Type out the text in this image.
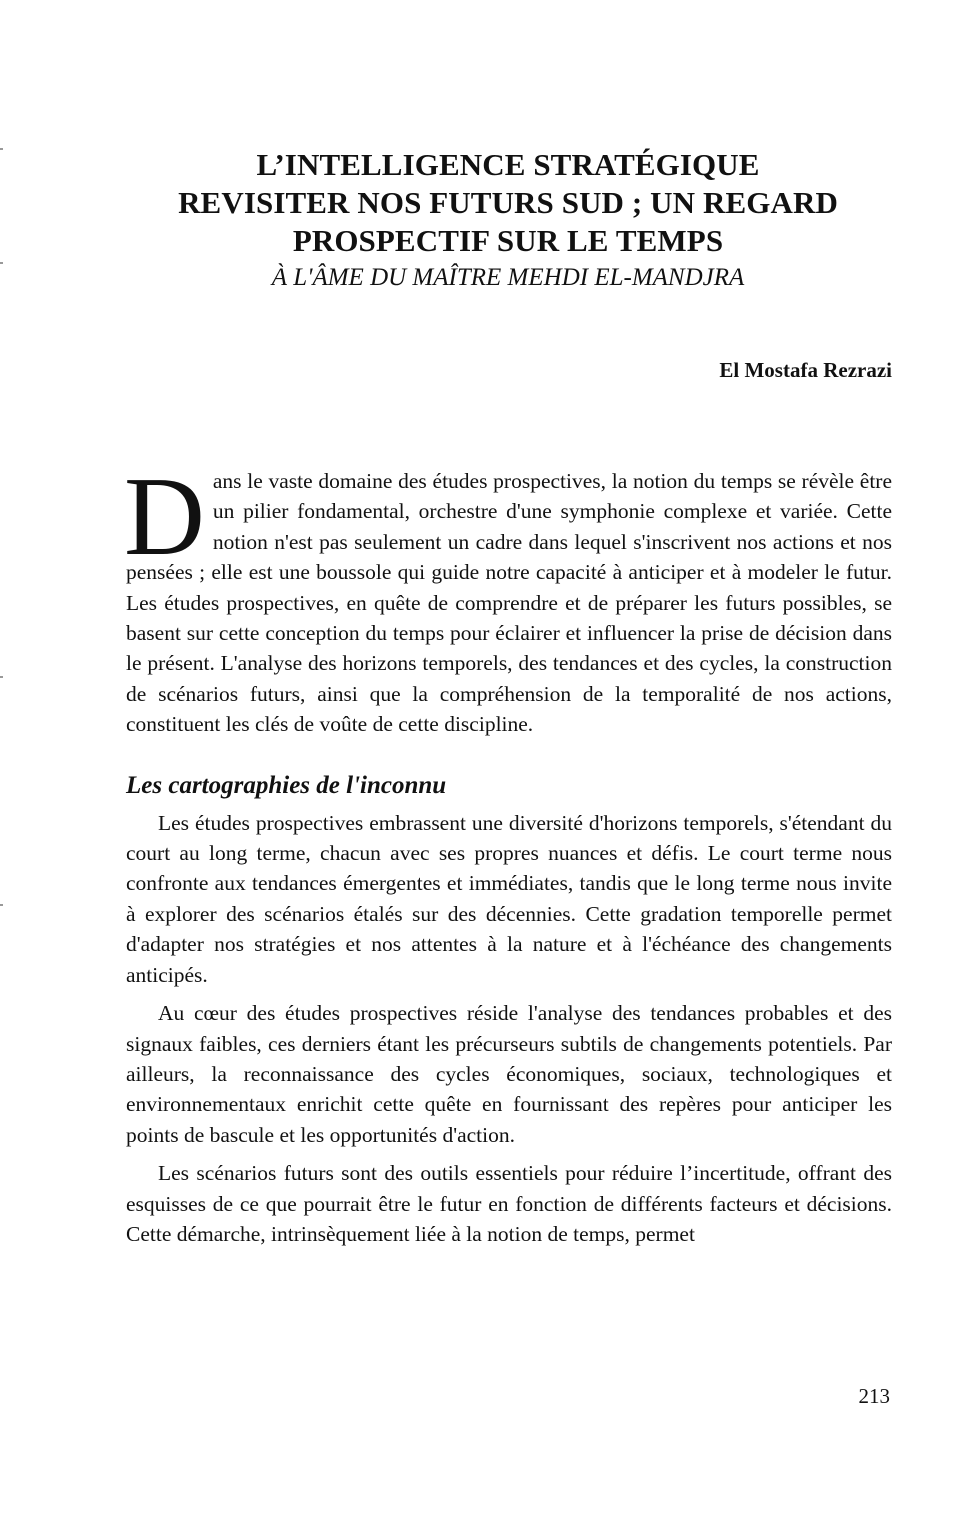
L’INTELLIGENCE STRATÉGIQUE
REVISITER NOS FUTURS SUD ; UN REGARD
PROSPECTIF SUR LE TEMPS
À L'ÂME DU MAÎTRE MEHDI EL-MANDJRA
El Mostafa Rezrazi

Dans le vaste domaine des études prospectives, la notion du temps se révèle être un pilier fondamental, orchestre d'une symphonie complexe et variée. Cette notion n'est pas seulement un cadre dans lequel s'inscrivent nos actions et nos pensées ; elle est une boussole qui guide notre capacité à anticiper et à modeler le futur. Les études prospectives, en quête de comprendre et de préparer les futurs possibles, se basent sur cette conception du temps pour éclairer et influencer la prise de décision dans le présent. L'analyse des horizons temporels, des tendances et des cycles, la construction de scénarios futurs, ainsi que la compréhension de la temporalité de nos actions, constituent les clés de voûte de cette discipline.

Les cartographies de l'inconnu

Les études prospectives embrassent une diversité d'horizons temporels, s'étendant du court au long terme, chacun avec ses propres nuances et défis. Le court terme nous confronte aux tendances émergentes et immédiates, tandis que le long terme nous invite à explorer des scénarios étalés sur des décennies. Cette gradation temporelle permet d'adapter nos stratégies et nos attentes à la nature et à l'échéance des changements anticipés.

Au cœur des études prospectives réside l'analyse des tendances probables et des signaux faibles, ces derniers étant les précurseurs subtils de changements potentiels. Par ailleurs, la reconnaissance des cycles économiques, sociaux, technologiques et environnementaux enrichit cette quête en fournissant des repères pour anticiper les points de bascule et les opportunités d'action.

Les scénarios futurs sont des outils essentiels pour réduire l’incertitude, offrant des esquisses de ce que pourrait être le futur en fonction de différents facteurs et décisions. Cette démarche, intrinsèquement liée à la notion de temps, permet

213
